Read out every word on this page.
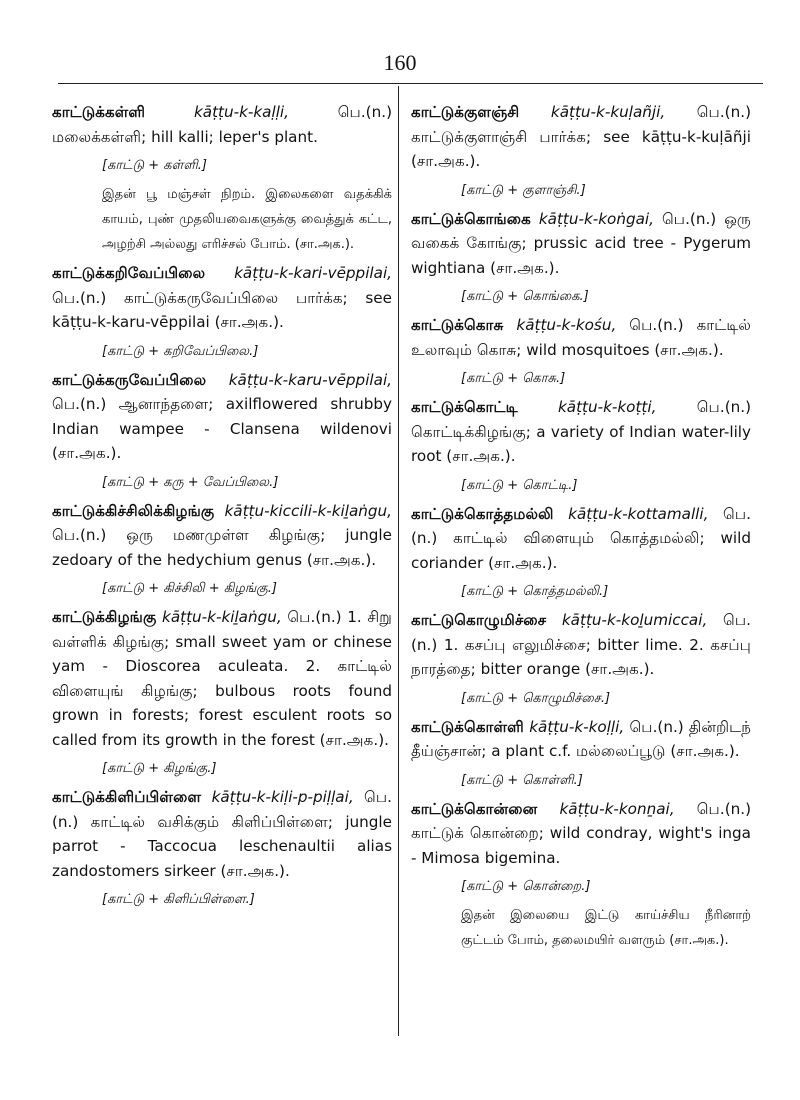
160

காட்டுக்கள்ளி	kāṭṭu-k-kaḷḷi, பெ.(n.) மலைக்கள்ளி; hill kalli; leper's plant.

[காட்டு + கள்ளி.]
இதன் பூ மஞ்சள் நிறம். இலைகளை வதக்கிக் காயம், புண் முதலியவைகளுக்கு வைத்துக் கட்ட, அழற்சி அல்லது எரிச்சல் போம். (சா.அக.).

காட்டுக்கறிவேப்பிலை kāṭṭu-k-kari-vēppilai, பெ.(n.) காட்டுக்கருவேப்பிலை பார்க்க; see kāṭṭu-k-karu-vēppilai (சா.அக.).

[காட்டு + கறிவேப்பிலை.]

காட்டுக்கருவேப்பிலை kāṭṭu-k-karu-vēppilai, பெ.(n.) ஆனாந்தளை; axilflowered shrubby Indian wampee - Clansena wildenovi (சா.அக.).

[காட்டு + கரு + வேப்பிலை.]

காட்டுக்கிச்சிலிக்கிழங்கு kāṭṭu-kiccili-k-kiḻaṅgu, பெ.(n.) ஒரு மணமுள்ள கிழங்கு; jungle zedoary of the hedychium genus (சா.அக.).

[காட்டு + கிச்சிலி + கிழங்கு.]

காட்டுக்கிழங்கு kāṭṭu-k-kiḻaṅgu, பெ.(n.) 1. சிறு வள்ளிக் கிழங்கு; small sweet yam or chinese yam - Dioscorea aculeata. 2. காட்டில் விளையுங் கிழங்கு; bulbous roots found grown in forests; forest esculent roots so called from its growth in the forest (சா.அக.).

[காட்டு + கிழங்கு.]

காட்டுக்கிளிப்பிள்ளை kāṭṭu-k-kiḷi-p-piḷḷai, பெ.(n.) காட்டில் வசிக்கும் கிளிப்பிள்ளை; jungle parrot - Taccocua leschenaultii alias zandostomers sirkeer (சா.அக.).

[காட்டு + கிளிப்பிள்ளை.]

காட்டுக்குளஞ்சி kāṭṭu-k-kuḷañji, பெ.(n.) காட்டுக்குளாஞ்சி பார்க்க; see kāṭṭu-k-kuḷāñji (சா.அக.).

[காட்டு + குளாஞ்சி.]

காட்டுக்கொங்கை kāṭṭu-k-koṅgai, பெ.(n.) ஒரு வகைக் கோங்கு; prussic acid tree - Pygerum wightiana (சா.அக.).

[காட்டு + கொங்கை.]

காட்டுக்கொசு kāṭṭu-k-kośu, பெ.(n.) காட்டில் உலாவும் கொசு; wild mosquitoes (சா.அக.).

[காட்டு + கொசு.]

காட்டுக்கொட்டி	kāṭṭu-k-koṭṭi, பெ.(n.) கொட்டிக்கிழங்கு; a variety of Indian water-lily root (சா.அக.).

[காட்டு + கொட்டி.]

காட்டுக்கொத்தமல்லி kāṭṭu-k-kottamalli, பெ.(n.) காட்டில் விளையும் கொத்தமல்லி; wild coriander (சா.அக.).

[காட்டு + கொத்தமல்லி.]

காட்டுகொழுமிச்சை kāṭṭu-k-koḻumiccai, பெ.(n.) 1. கசப்பு எலுமிச்சை; bitter lime. 2. கசப்பு நாரத்தை; bitter orange (சா.அக.).

[காட்டு + கொழுமிச்சை.]

காட்டுக்கொள்ளி kāṭṭu-k-koḷḷi, பெ.(n.) தின்றிடந் தீய்ஞ்சான்; a plant c.f. மல்லைப்பூடு (சா.அக.).

[காட்டு + கொள்ளி.]

காட்டுக்கொன்னை kāṭṭu-k-konṉai, பெ.(n.) காட்டுக் கொன்றை; wild condray, wight's inga - Mimosa bigemina.

[காட்டு + கொன்றை.]
இதன் இலையை இட்டு காய்ச்சிய நீரினாற் குட்டம் போம், தலைமயிர் வளரும் (சா.அக.).
